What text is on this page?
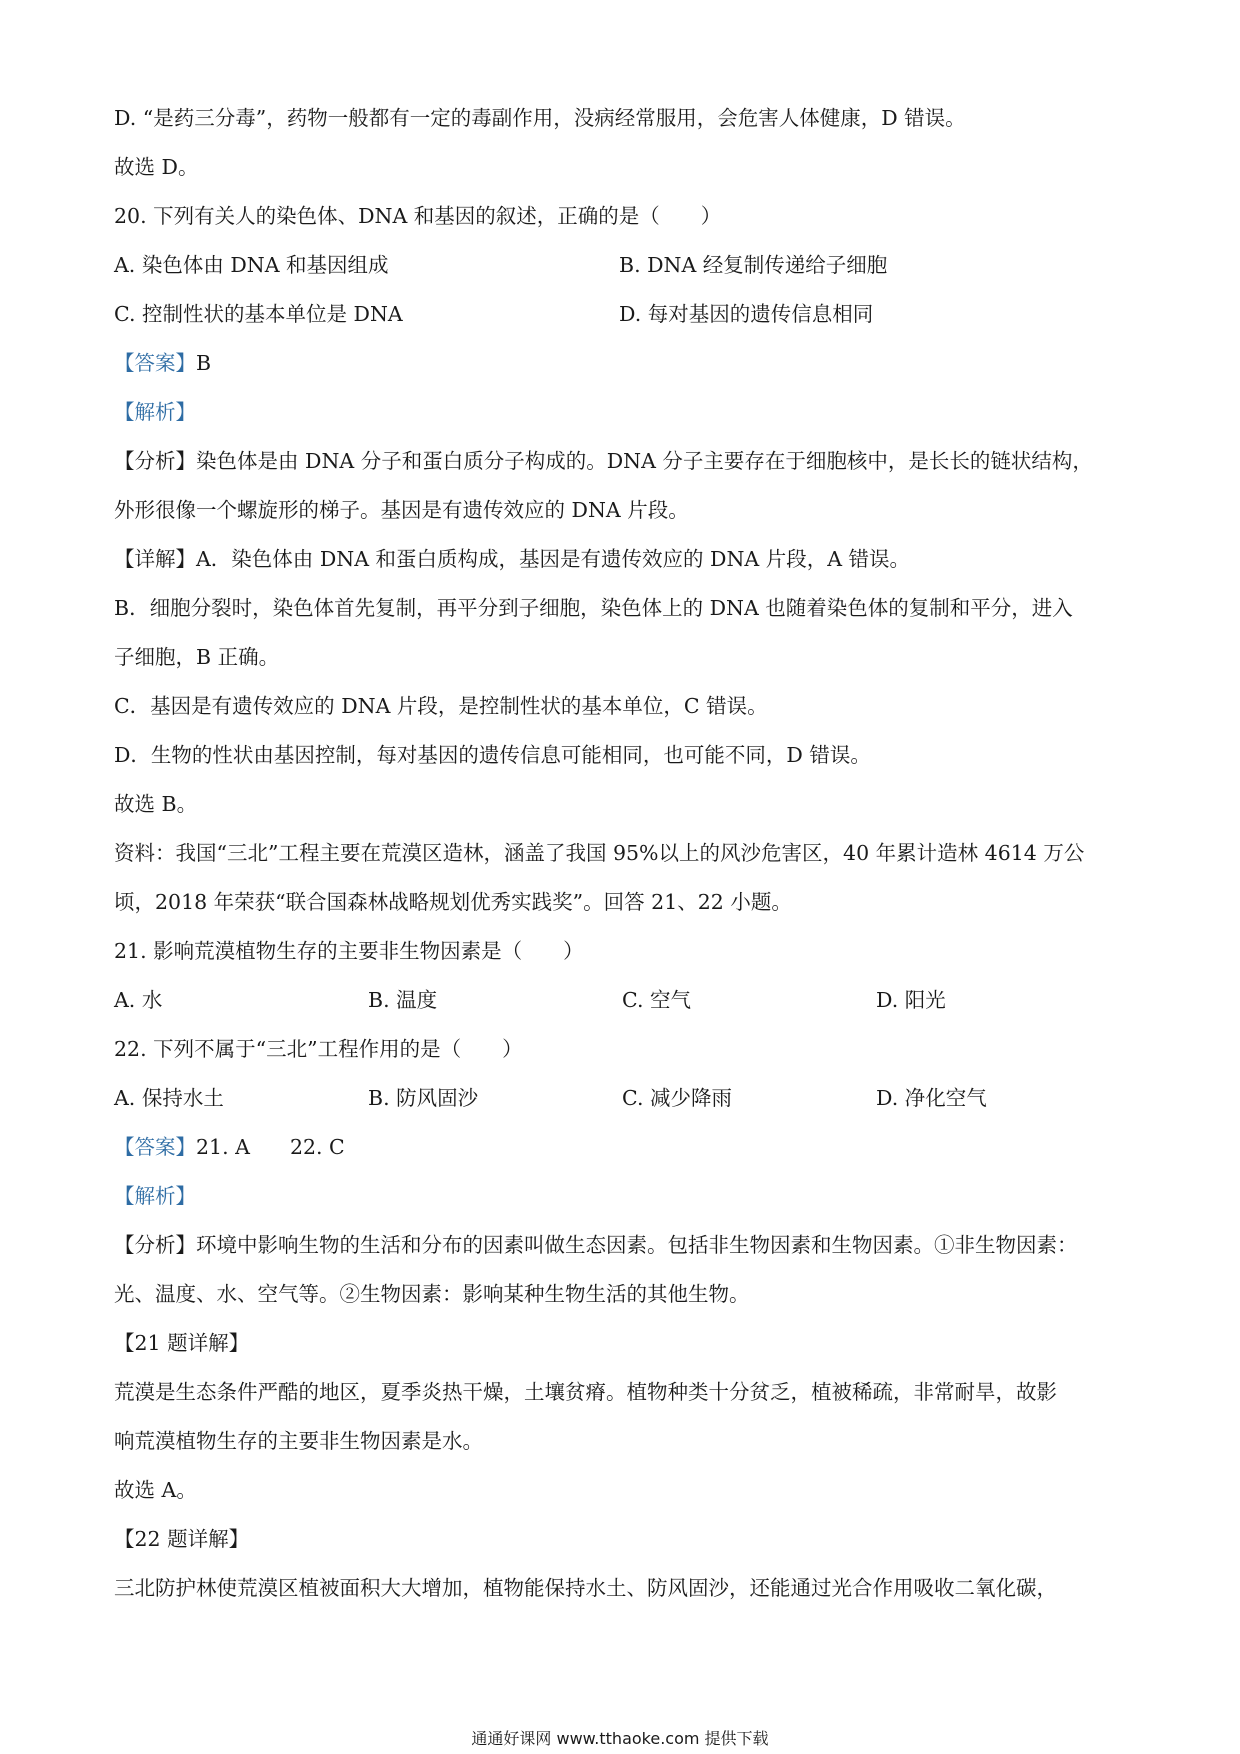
D. “是药三分毒”，药物一般都有一定的毒副作用，没病经常服用，会危害人体健康，D 错误。
故选 D。
20. 下列有关人的染色体、DNA 和基因的叙述，正确的是（　　）
A. 染色体由 DNA 和基因组成	B. DNA 经复制传递给子细胞
C. 控制性状的基本单位是 DNA	D. 每对基因的遗传信息相同
【答案】B
【解析】
【分析】染色体是由 DNA 分子和蛋白质分子构成的。DNA 分子主要存在于细胞核中，是长长的链状结构，
外形很像一个螺旋形的梯子。基因是有遗传效应的 DNA 片段。
【详解】A．染色体由 DNA 和蛋白质构成，基因是有遗传效应的 DNA 片段，A 错误。
B．细胞分裂时，染色体首先复制，再平分到子细胞，染色体上的 DNA 也随着染色体的复制和平分，进入
子细胞，B 正确。
C．基因是有遗传效应的 DNA 片段，是控制性状的基本单位，C 错误。
D．生物的性状由基因控制，每对基因的遗传信息可能相同，也可能不同，D 错误。
故选 B。
资料：我国“三北”工程主要在荒漠区造林，涵盖了我国 95%以上的风沙危害区，40 年累计造林 4614 万公
顷，2018 年荣获“联合国森林战略规划优秀实践奖”。回答 21、22 小题。
21. 影响荒漠植物生存的主要非生物因素是（　　）
A. 水	B. 温度	C. 空气	D. 阳光
22. 下列不属于“三北”工程作用的是（　　）
A. 保持水土	B. 防风固沙	C. 减少降雨	D. 净化空气
【答案】21. A 22. C
【解析】
【分析】环境中影响生物的生活和分布的因素叫做生态因素。包括非生物因素和生物因素。①非生物因素：
光、温度、水、空气等。②生物因素：影响某种生物生活的其他生物。
【21 题详解】
荒漠是生态条件严酷的地区，夏季炎热干燥，土壤贫瘠。植物种类十分贫乏，植被稀疏，非常耐旱，故影
响荒漠植物生存的主要非生物因素是水。
故选 A。
【22 题详解】
三北防护林使荒漠区植被面积大大增加，植物能保持水土、防风固沙，还能通过光合作用吸收二氧化碳，
通通好课网 www.tthaoke.com 提供下载
